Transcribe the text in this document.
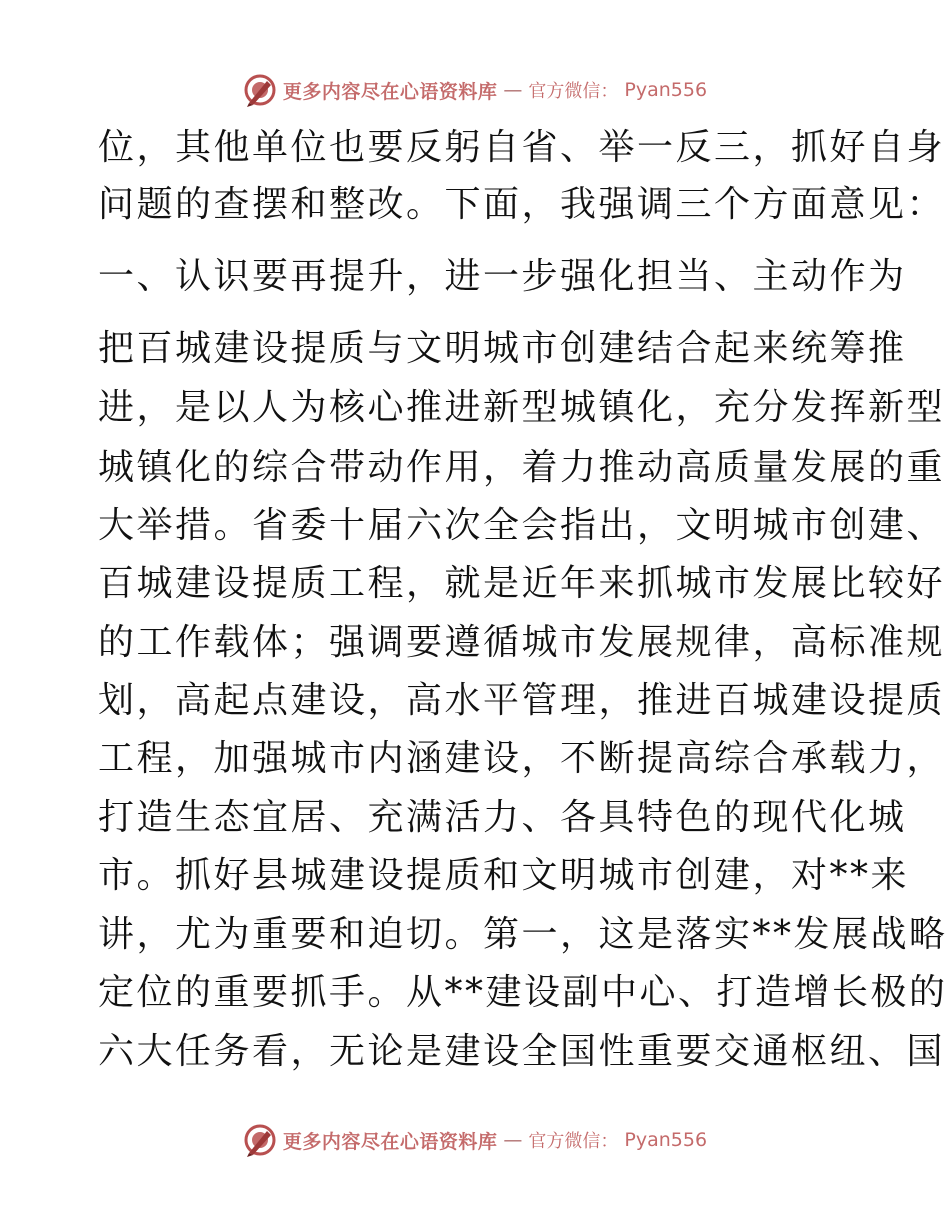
更多内容尽在心语资料库 — 官方微信： Pyan556
位，其他单位也要反躬自省、举一反三，抓好自身
问题的查摆和整改。下面，我强调三个方面意见：
一、认识要再提升，进一步强化担当、主动作为
把百城建设提质与文明城市创建结合起来统筹推
进，是以人为核心推进新型城镇化，充分发挥新型
城镇化的综合带动作用，着力推动高质量发展的重
大举措。省委十届六次全会指出，文明城市创建、
百城建设提质工程，就是近年来抓城市发展比较好
的工作载体；强调要遵循城市发展规律，高标准规
划，高起点建设，高水平管理，推进百城建设提质
工程，加强城市内涵建设，不断提高综合承载力，
打造生态宜居、充满活力、各具特色的现代化城
市。抓好县城建设提质和文明城市创建，对**来
讲，尤为重要和迫切。第一，这是落实**发展战略
定位的重要抓手。从**建设副中心、打造增长极的
六大任务看，无论是建设全国性重要交通枢纽、国
更多内容尽在心语资料库 — 官方微信： Pyan556
